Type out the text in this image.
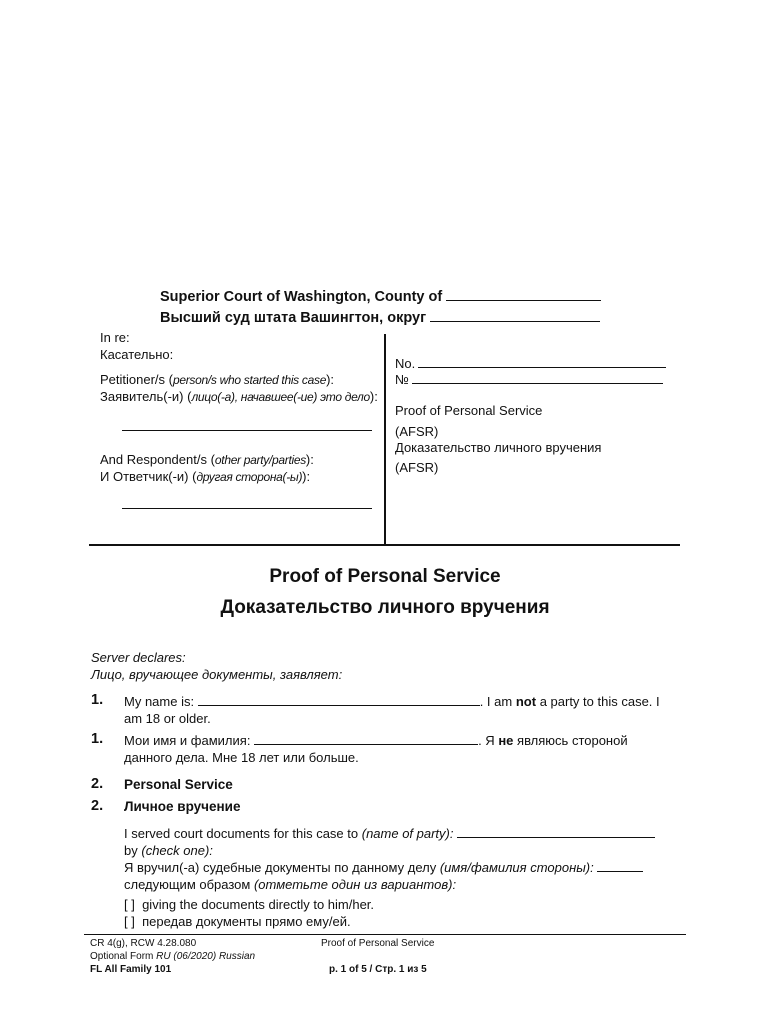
Superior Court of Washington, County of
Высший суд штата Вашингтон, округ
In re:
Касательно:
Petitioner/s (person/s who started this case):
Заявитель(-и) (лицо(-а), начавшее(-ие) это дело):
And Respondent/s (other party/parties):
И Ответчик(-и) (другая сторона(-ы)):
No.
№
Proof of Personal Service
(AFSR)
Доказательство личного вручения
(AFSR)
Proof of Personal Service
Доказательство личного вручения
Server declares:
Лицо, вручающее документы, заявляет:
1. My name is:	. I am not a party to this case. I
am 18 or older.
1. Мои имя и фамилия:	. Я не являюсь стороной
данного дела. Мне 18 лет или больше.
2. Personal Service
2. Личное вручение
I served court documents for this case to (name of party):
by (check one):
Я вручил(-а) судебные документы по данному делу (имя/фамилия стороны):
следующим образом (отметьте один из вариантов):
[ ] giving the documents directly to him/her.
[ ] передав документы прямо ему/ей.
CR 4(g), RCW 4.28.080
Optional Form RU (06/2020) Russian
FL All Family 101
Proof of Personal Service
p. 1 of 5 / Стр. 1 из 5
